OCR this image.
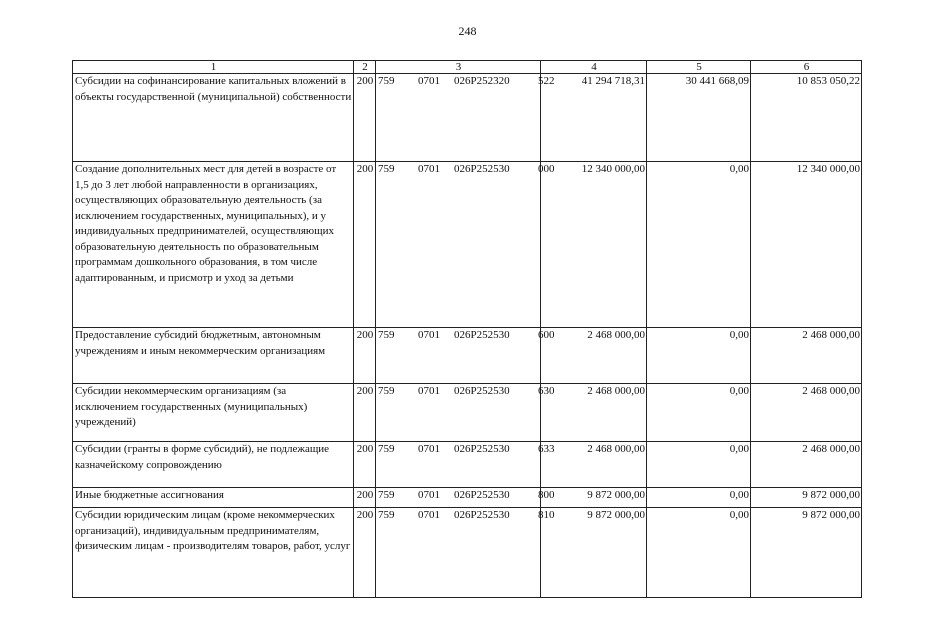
248
1	2	3	4	5	6
Субсидии на софинансирование капитальных вложений в объекты государственной (муниципальной) собственности	200	759 0701 026P252320 522	41 294 718,31	30 441 668,09	10 853 050,22
Создание дополнительных мест для детей в возрасте от 1,5 до 3 лет любой направленности в организациях, осуществляющих образовательную деятельность (за исключением государственных, муниципальных), и у индивидуальных предпринимателей, осуществляющих образовательную деятельность по образовательным программам дошкольного образования, в том числе адаптированным, и присмотр и уход за детьми	200	759 0701 026P252530 000	12 340 000,00	0,00	12 340 000,00
Предоставление субсидий бюджетным, автономным учреждениям и иным некоммерческим организациям	200	759 0701 026P252530 600	2 468 000,00	0,00	2 468 000,00
Субсидии некоммерческим организациям (за исключением государственных (муниципальных) учреждений)	200	759 0701 026P252530 630	2 468 000,00	0,00	2 468 000,00
Субсидии (гранты в форме субсидий), не подлежащие казначейскому сопровождению	200	759 0701 026P252530 633	2 468 000,00	0,00	2 468 000,00
Иные бюджетные ассигнования	200	759 0701 026P252530 800	9 872 000,00	0,00	9 872 000,00
Субсидии юридическим лицам (кроме некоммерческих организаций), индивидуальным предпринимателям, физическим лицам - производителям товаров, работ, услуг	200	759 0701 026P252530 810	9 872 000,00	0,00	9 872 000,00
